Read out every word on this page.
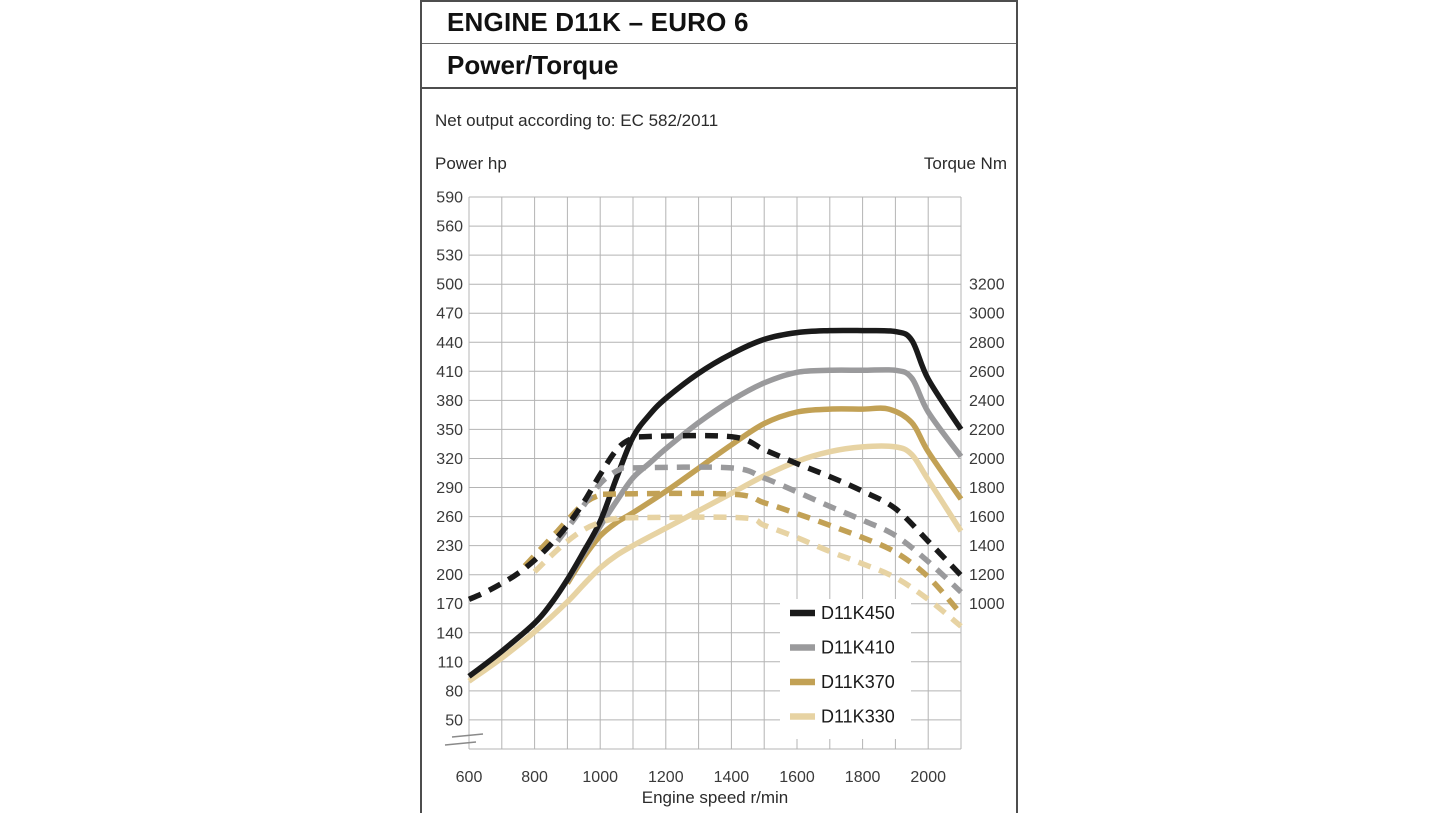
ENGINE D11K – EURO 6
Power/Torque
Net output according to: EC 582/2011
Power hp	Torque Nm
D11K450
D11K410
D11K370
D11K330
590
560
530
500
470
440
410
380
350
320
290
260
230
200
170
140
110
80
50
3200
3000
2800
2600
2400
2200
2000
1800
1600
1400
1200
1000
600 800 1000 1200 1400 1600 1800 2000
Engine speed r/min
